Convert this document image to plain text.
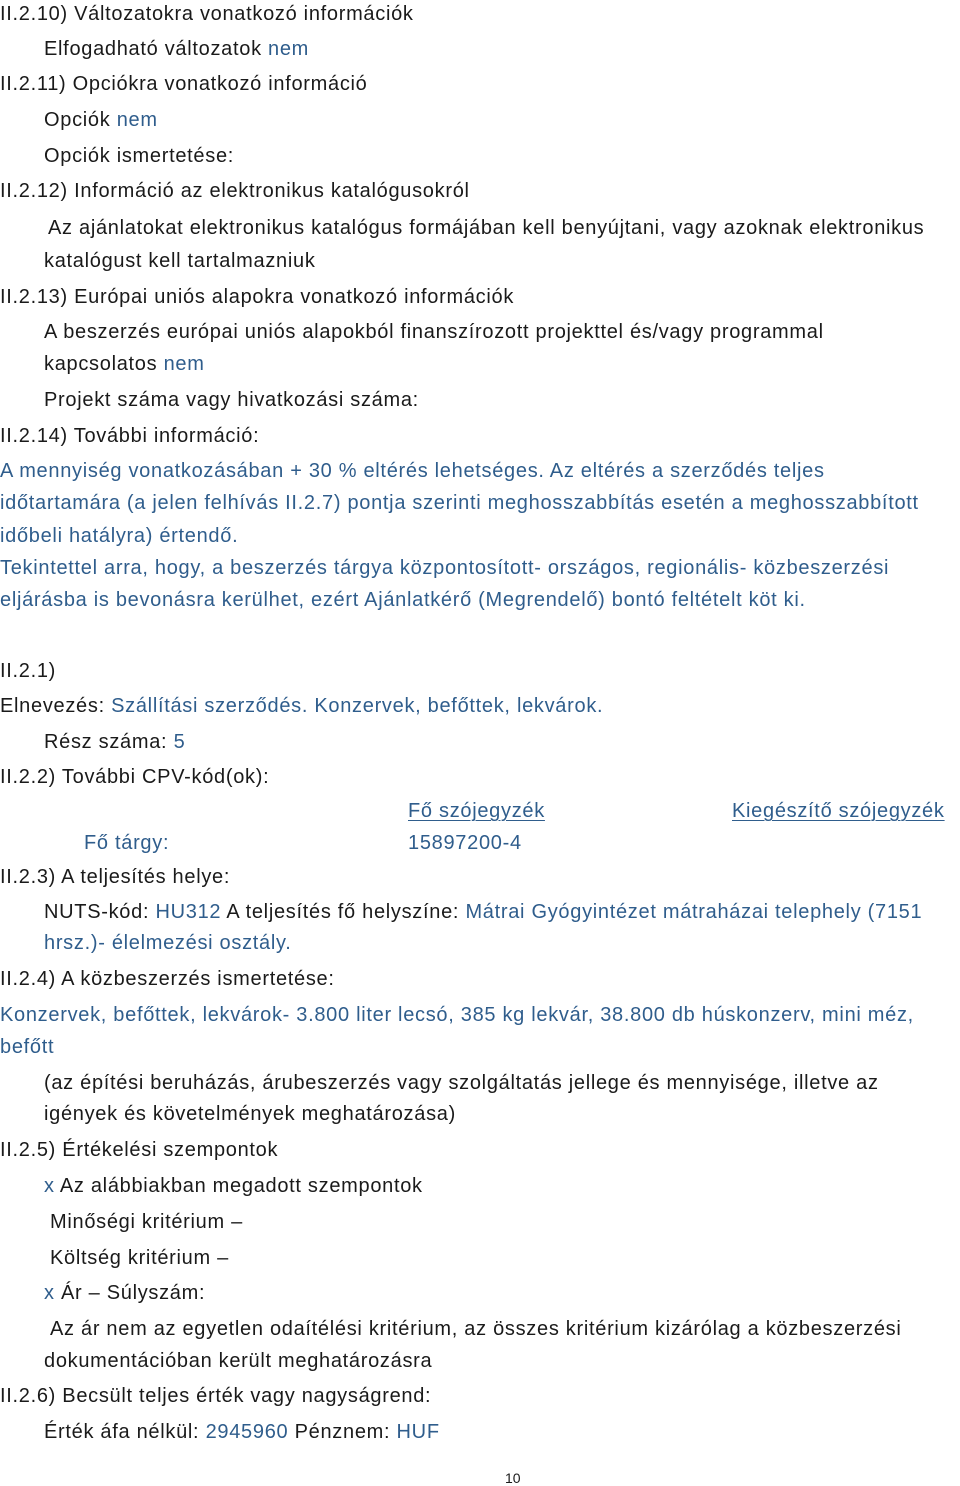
II.2.10) Változatokra vonatkozó információk
Elfogadható változatok nem
II.2.11) Opciókra vonatkozó információ
Opciók nem
Opciók ismertetése:
II.2.12) Információ az elektronikus katalógusokról
Az ajánlatokat elektronikus katalógus formájában kell benyújtani, vagy azoknak elektronikus
katalógust kell tartalmazniuk
II.2.13) Európai uniós alapokra vonatkozó információk
A beszerzés európai uniós alapokból finanszírozott projekttel és/vagy programmal
kapcsolatos nem
Projekt száma vagy hivatkozási száma:
II.2.14) További információ:
A mennyiség vonatkozásában + 30 % eltérés lehetséges. Az eltérés a szerződés teljes
időtartamára (a jelen felhívás II.2.7) pontja szerinti meghosszabbítás esetén a meghosszabbított
időbeli hatályra) értendő.
Tekintettel arra, hogy, a beszerzés tárgya központosított- országos, regionális- közbeszerzési
eljárásba is bevonásra kerülhet, ezért Ajánlatkérő (Megrendelő) bontó feltételt köt ki.
II.2.1)
Elnevezés: Szállítási szerződés. Konzervek, befőttek, lekvárok.
Rész száma: 5
II.2.2) További CPV-kód(ok):
Fő szójegyzék	Kiegészítő szójegyzék
Fő tárgy:	15897200-4
II.2.3) A teljesítés helye:
NUTS-kód: HU312 A teljesítés fő helyszíne: Mátrai Gyógyintézet mátraházai telephely (7151
hrsz.)- élelmezési osztály.
II.2.4) A közbeszerzés ismertetése:
Konzervek, befőttek, lekvárok- 3.800 liter lecsó, 385 kg lekvár, 38.800 db húskonzerv, mini méz,
befőtt
(az építési beruházás, árubeszerzés vagy szolgáltatás jellege és mennyisége, illetve az
igények és követelmények meghatározása)
II.2.5) Értékelési szempontok
x Az alábbiakban megadott szempontok
Minőségi kritérium –
Költség kritérium –
x Ár – Súlyszám:
Az ár nem az egyetlen odaítélési kritérium, az összes kritérium kizárólag a közbeszerzési
dokumentációban került meghatározásra
II.2.6) Becsült teljes érték vagy nagyságrend:
Érték áfa nélkül: 2945960 Pénznem: HUF
10
